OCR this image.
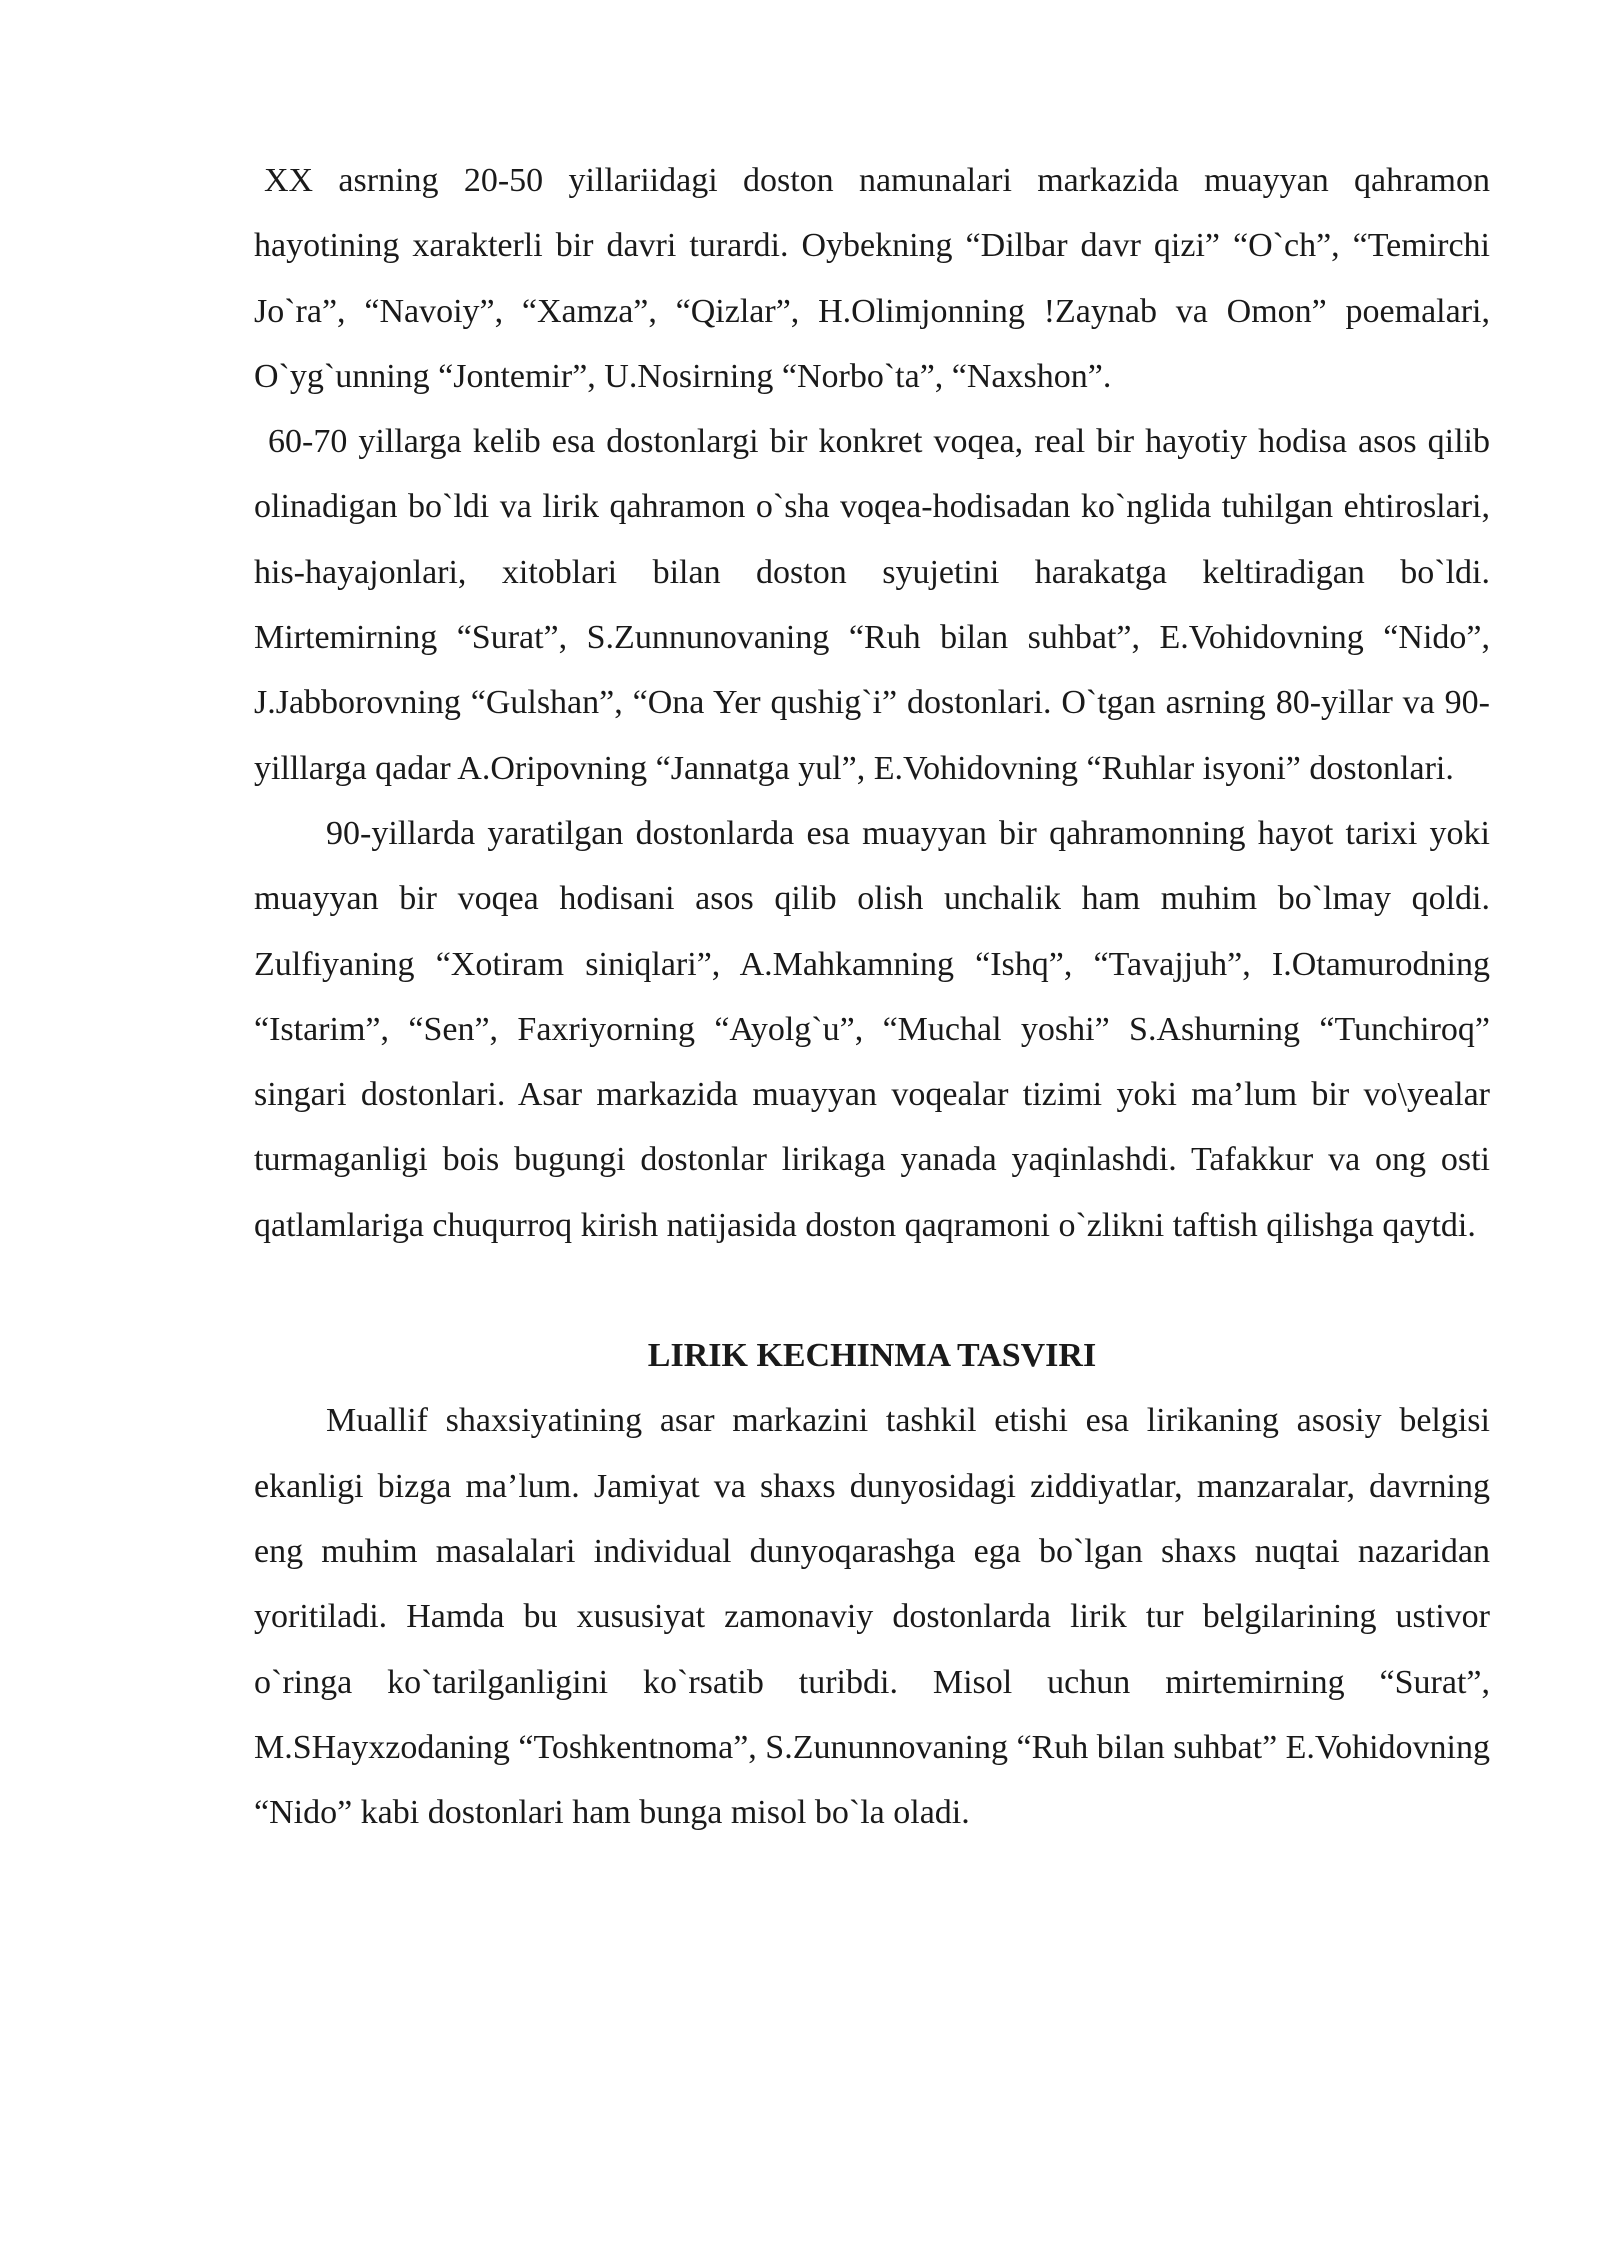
XX asrning 20-50 yillariidagi doston namunalari markazida muayyan qahramon hayotining xarakterli bir davri turardi. Oybekning “Dilbar davr qizi” “O`ch”, “Temirchi Jo`ra”, “Navoiy”, “Xamza”, “Qizlar”, H.Olimjonning !Zaynab va Omon” poemalari, O`yg`unning “Jontemir”, U.Nosirning “Norbo`ta”, “Naxshon”.

60-70 yillarga kelib esa dostonlargi bir konkret voqea, real bir hayotiy hodisa asos qilib olinadigan bo`ldi va lirik qahramon o`sha voqea-hodisadan ko`nglida tuhilgan ehtiroslari, his-hayajonlari, xitoblari bilan doston syujetini harakatga keltiradigan bo`ldi. Mirtemirning “Surat”, S.Zunnunovaning “Ruh bilan suhbat”, E.Vohidovning “Nido”, J.Jabborovning “Gulshan”, “Ona Yer qushig`i” dostonlari. O`tgan asrning 80-yillar va 90-yilllarga qadar A.Oripovning “Jannatga yul”, E.Vohidovning “Ruhlar isyoni” dostonlari.

90-yillarda yaratilgan dostonlarda esa muayyan bir qahramonning hayot tarixi yoki muayyan bir voqea hodisani asos qilib olish unchalik ham muhim bo`lmay qoldi. Zulfiyaning “Xotiram siniqlari”, A.Mahkamning “Ishq”, “Tavajjuh”, I.Otamurodning “Istarim”, “Sen”, Faxriyorning “Ayolg`u”, “Muchal yoshi” S.Ashurning “Tunchiroq” singari dostonlari. Asar markazida muayyan voqealar tizimi yoki ma’lum bir vo\yealar turmaganligi bois bugungi dostonlar lirikaga yanada yaqinlashdi. Tafakkur va ong osti qatlamlariga chuqurroq kirish natijasida doston qaqramoni o`zlikni taftish qilishga qaytdi.

LIRIK KECHINMA TASVIRI

Muallif shaxsiyatining asar markazini tashkil etishi esa lirikaning asosiy belgisi ekanligi bizga ma’lum. Jamiyat va shaxs dunyosidagi ziddiyatlar, manzaralar, davrning eng muhim masalalari individual dunyoqarashga ega bo`lgan shaxs nuqtai nazaridan yoritiladi. Hamda bu xususiyat zamonaviy dostonlarda lirik tur belgilarining ustivor o`ringa ko`tarilganligini ko`rsatib turibdi. Misol uchun mirtemirning “Surat”, M.SHayxzodaning “Toshkentnoma”, S.Zununnovaning “Ruh bilan suhbat” E.Vohidovning “Nido” kabi dostonlari ham bunga misol bo`la oladi.
